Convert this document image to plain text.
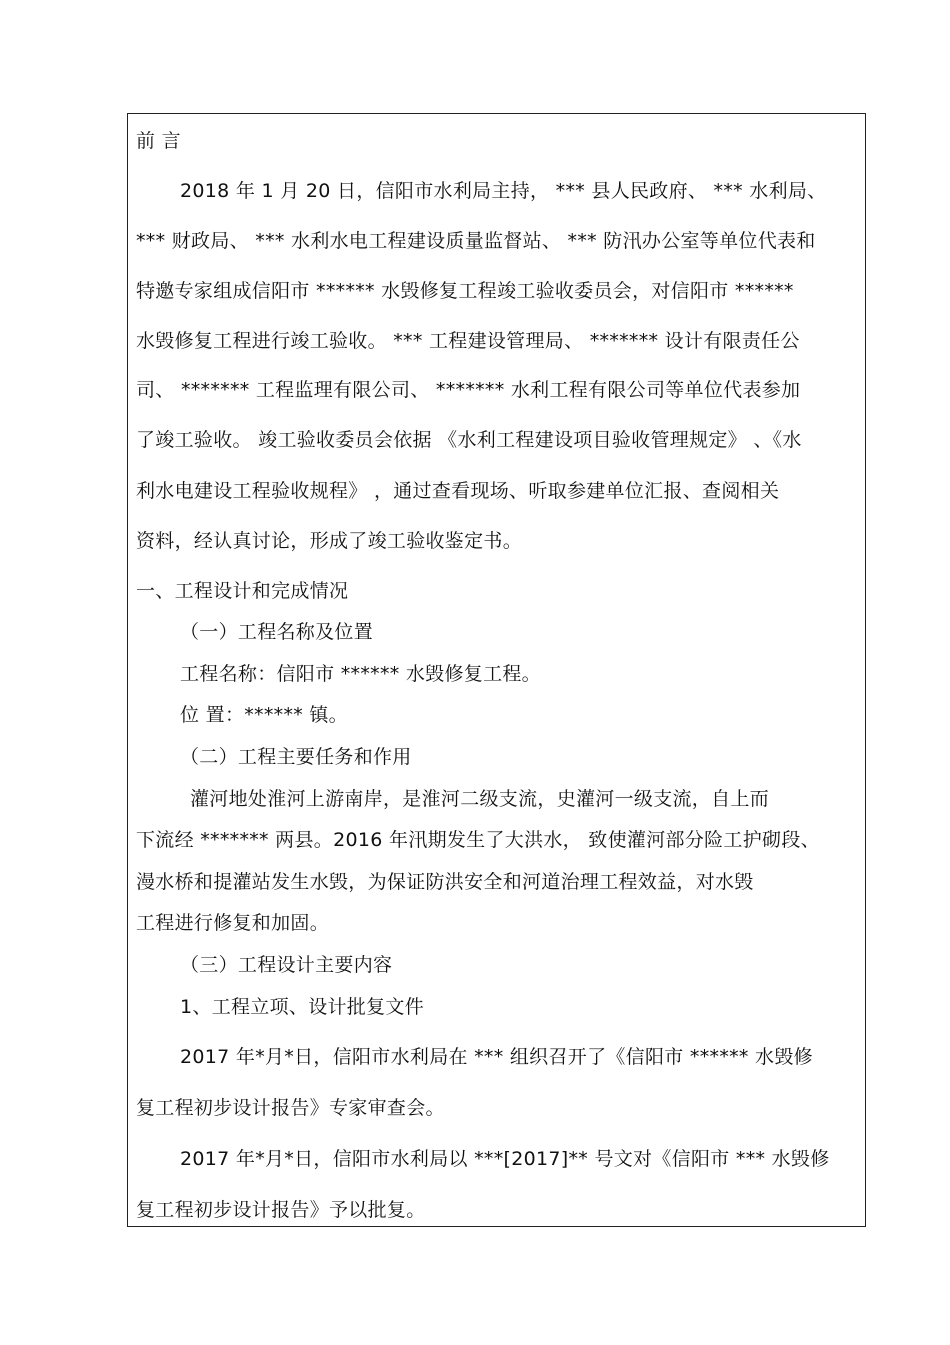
前 言
2018 年 1 月 20 日，信阳市水利局主持， *** 县人民政府、 *** 水利局、
*** 财政局、 *** 水利水电工程建设质量监督站、 *** 防汛办公室等单位代表和
特邀专家组成信阳市 ****** 水毁修复工程竣工验收委员会，对信阳市 ******
水毁修复工程进行竣工验收。 *** 工程建设管理局、 ******* 设计有限责任公
司、 ******* 工程监理有限公司、 ******* 水利工程有限公司等单位代表参加
了竣工验收。 竣工验收委员会依据 《水利工程建设项目验收管理规定》 、《水
利水电建设工程验收规程》 ，通过查看现场、听取参建单位汇报、查阅相关
资料，经认真讨论，形成了竣工验收鉴定书。
一、工程设计和完成情况
（一）工程名称及位置
工程名称：信阳市 ****** 水毁修复工程。
位 置：****** 镇。
（二）工程主要任务和作用
灌河地处淮河上游南岸，是淮河二级支流，史灌河一级支流，自上而
下流经 ******* 两县。2016 年汛期发生了大洪水， 致使灌河部分险工护砌段、
漫水桥和提灌站发生水毁，为保证防洪安全和河道治理工程效益，对水毁
工程进行修复和加固。
（三）工程设计主要内容
1、工程立项、设计批复文件
2017 年*月*日，信阳市水利局在 *** 组织召开了《信阳市 ****** 水毁修
复工程初步设计报告》专家审查会。
2017 年*月*日，信阳市水利局以 ***[2017]** 号文对《信阳市 *** 水毁修
复工程初步设计报告》予以批复。
